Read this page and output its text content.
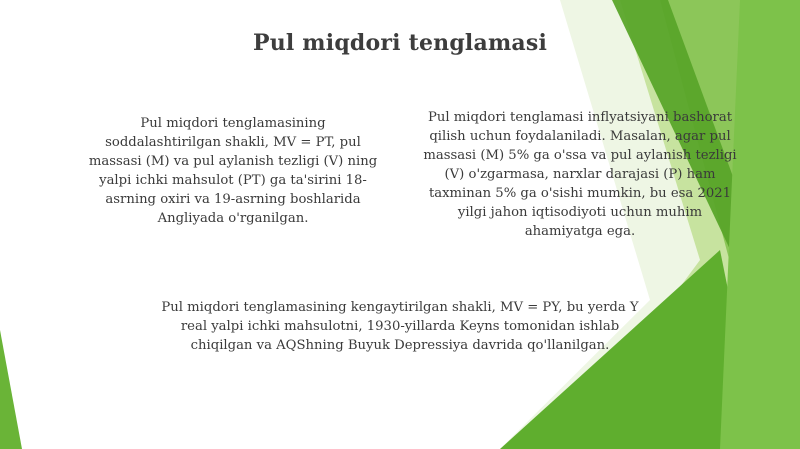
Pul miqdori tenglamasi
Pul miqdori tenglamasining
soddalashtirilgan shakli, MV = PT, pul
massasi (M) va pul aylanish tezligi (V) ning
yalpi ichki mahsulot (PT) ga ta'sirini 18-
asrning oxiri va 19-asrning boshlarida
Angliyada o'rganilgan.
Pul miqdori tenglamasi inflyatsiyani bashorat
qilish uchun foydalaniladi. Masalan, agar pul
massasi (M) 5% ga o'ssa va pul aylanish tezligi
(V) o'zgarmasa, narxlar darajasi (P) ham
taxminan 5% ga o'sishi mumkin, bu esa 2021
yilgi jahon iqtisodiyoti uchun muhim
ahamiyatga ega.
Pul miqdori tenglamasining kengaytirilgan shakli, MV = PY, bu yerda Y
real yalpi ichki mahsulotni, 1930-yillarda Keyns tomonidan ishlab
chiqilgan va AQShning Buyuk Depressiya davrida qo'llanilgan.
